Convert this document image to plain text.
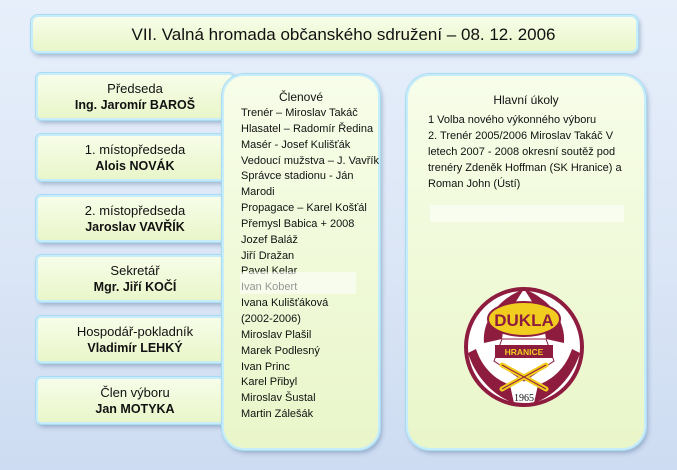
VII. Valná hromada občanského sdružení – 08. 12. 2006
Předseda
Ing. Jaromír BAROŠ
1. místopředseda
Alois NOVÁK
2. místopředseda
Jaroslav VAVŘÍK
Sekretář
Mgr. Jiří KOČÍ
Hospodář-pokladník
Vladimír LEHKÝ
Člen výboru
Jan MOTYKA
Členové
Trenér – Miroslav Takáč
Hlasatel – Radomír Ředina
Masér - Josef Kulišťák
Vedoucí mužstva – J. Vavřík
Správce stadionu - Ján
Marodi
Propagace – Karel Košťál
Přemysl Babica + 2008
Jozef Baláž
Jiří Dražan
Ivana Kulišťáková
(2002-2006)
Miroslav Plašil
Marek Podlesný
Ivan Princ
Karel Přibyl
Miroslav Šustal
Martin Zálešák
Hlavní úkoly
1 Volba nového výkonného výboru
2. Trenér 2005/2006 Miroslav Takáč V letech 2007 - 2008 okresní soutěž pod trenéry Zdeněk Hoffman (SK Hranice) a Roman John (Ústí)
DUKLA
HRANICE
1965
